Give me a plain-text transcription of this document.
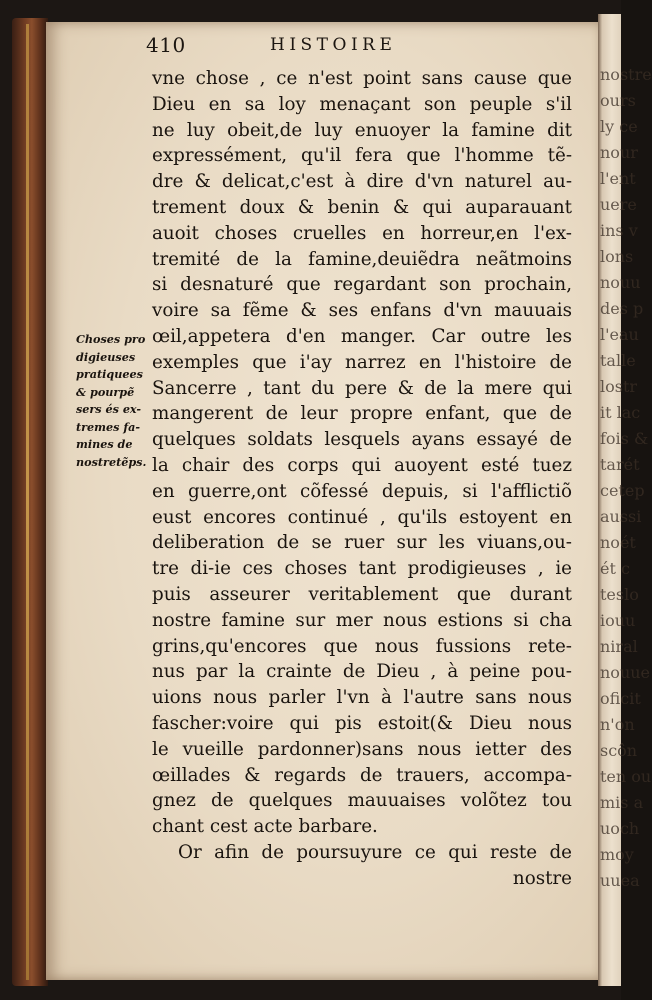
nostre
ours
ly ce
nour
l'ent
uere
ins v
lons
nouu
des p
l'eau
talle
lostr
it lac
fois &
tarét
cetep
aussi
noét
ét c
teslo
iouu
niral
nouue
oficit
n'on
scôn
ten ou
mis a
uoch
moy
uuea
410	HISTOIRE
Choses pro
digieuses
pratiquees
& pourpẽ
sers és ex-
tremes fa-
mines de
nostretẽps.
vne chose , ce n'est point sans cause que
Dieu en sa loy menaçant son peuple s'il
ne luy obeit,de luy enuoyer la famine dit
expressément, qu'il fera que l'homme tẽ-
dre & delicat,c'est à dire d'vn naturel au-
trement doux & benin & qui auparauant
auoit choses cruelles en horreur,en l'ex-
tremité de la famine,deuiẽdra neãtmoins
si desnaturé que regardant son prochain,
voire sa fẽme & ses enfans d'vn mauuais
œil,appetera d'en manger. Car outre les
exemples que i'ay narrez en l'histoire de
Sancerre , tant du pere & de la mere qui
mangerent de leur propre enfant, que de
quelques soldats lesquels ayans essayé de
la chair des corps qui auoyent esté tuez
en guerre,ont cõfessé depuis, si l'afflictiõ
eust encores continué , qu'ils estoyent en
deliberation de se ruer sur les viuans,ou-
tre di-ie ces choses tant prodigieuses , ie
puis asseurer veritablement que durant
nostre famine sur mer nous estions si cha
grins,qu'encores que nous fussions rete-
nus par la crainte de Dieu , à peine pou-
uions nous parler l'vn à l'autre sans nous
fascher:voire qui pis estoit(& Dieu nous
le vueille pardonner)sans nous ietter des
œillades & regards de trauers, accompa-
gnez de quelques mauuaises volõtez tou
chant cest acte barbare.
Or afin de poursuyure ce qui reste de
nostre
